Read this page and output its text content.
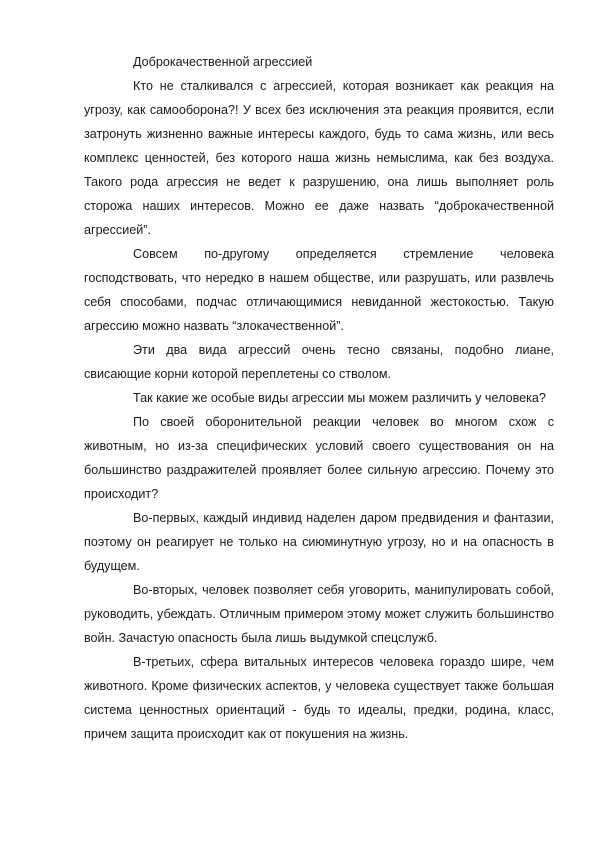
Доброкачественной агрессией

Кто не сталкивался с агрессией, которая возникает как реакция на угрозу, как самооборона?! У всех без исключения эта реакция проявится, если затронуть жизненно важные интересы каждого, будь то сама жизнь, или весь комплекс ценностей, без которого наша жизнь немыслима, как без воздуха. Такого рода агрессия не ведет к разрушению, она лишь выполняет роль сторожа наших интересов. Можно ее даже назвать “доброкачественной агрессией”.

Совсем по-другому определяется стремление человека господствовать, что нередко в нашем обществе, или разрушать, или развлечь себя способами, подчас отличающимися невиданной жестокостью. Такую агрессию можно назвать “злокачественной”.

Эти два вида агрессий очень тесно связаны, подобно лиане, свисающие корни которой переплетены со стволом.

Так какие же особые виды агрессии мы можем различить у человека?

По своей оборонительной реакции человек во многом схож с животным, но из-за специфических условий своего существования он на большинство раздражителей проявляет более сильную агрессию. Почему это происходит?

Во-первых, каждый индивид наделен даром предвидения и фантазии, поэтому он реагирует не только на сиюминутную угрозу, но и на опасность в будущем.

Во-вторых, человек позволяет себя уговорить, манипулировать собой, руководить, убеждать. Отличным примером этому может служить большинство войн. Зачастую опасность была лишь выдумкой спецслужб.

В-третьих, сфера витальных интересов человека гораздо шире, чем животного. Кроме физических аспектов, у человека существует также большая система ценностных ориентаций - будь то идеалы, предки, родина, класс, причем защита происходит как от покушения на жизнь.
